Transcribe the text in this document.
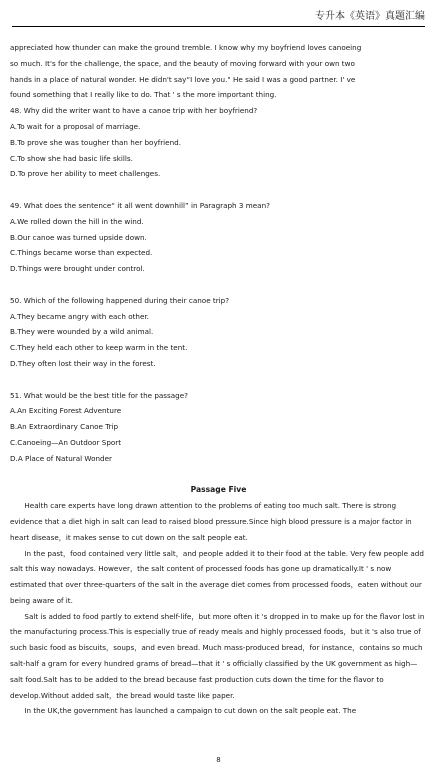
专升本《英语》真题汇编

appreciated how thunder can make the ground tremble. I know why my boyfriend loves canoeing

so much. It's for the challenge, the space, and the beauty of moving forward with your own two

hands in a place of natural wonder. He didn't say“I love you." He said I was a good partner. I' ve

found something that I really like to do. That ' s the more important thing.

48. Why did the writer want to have a canoe trip with her boyfriend?

A.To wait for a proposal of marriage.

B.To prove she was tougher than her boyfriend.

C.To show she had basic life skills.

D.To prove her ability to meet challenges.

49. What does the sentence“ it all went downhill” in Paragraph 3 mean?

A.We rolled down the hill in the wind.

B.Our canoe was turned upside down.

C.Things became worse than expected.

D.Things were brought under control.

50. Which of the following happened during their canoe trip?

A.They became angry with each other.

B.They were wounded by a wild animal.

C.They held each other to keep warm in the tent.

D.They often lost their way in the forest.

51. What would be the best title for the passage?

A.An Exciting Forest Adventure

B.An Extraordinary Canoe Trip

C.Canoeing—An Outdoor Sport

D.A Place of Natural Wonder

Passage Five

Health care experts have long drawn attention to the problems of eating too much salt. There is strong evidence that a diet high in salt can lead to raised blood pressure.Since high blood pressure is a major factor in heart disease，it makes sense to cut down on the salt people eat.

In the past，food contained very little salt，and people added it to their food at the table. Very few people add salt this way nowadays. However，the salt content of processed foods has gone up dramatically.It ' s now estimated that over three-quarters of the salt in the average diet comes from processed foods，eaten without our being aware of it.

Salt is added to food partly to extend shelf-life，but more often it 's dropped in to make up for the flavor lost in the manufacturing process.This is especially true of ready meals and highly processed foods，but it 's also true of such basic food as biscuits，soups，and even bread. Much mass-produced bread，for instance，contains so much salt-half a gram for every hundred grams of bread—that it ' s officially classified by the UK government as high—salt food.Salt has to be added to the bread because fast production cuts down the time for the flavor to develop.Without added salt，the bread would taste like paper.

In the UK,the government has launched a campaign to cut down on the salt people eat. The

8
